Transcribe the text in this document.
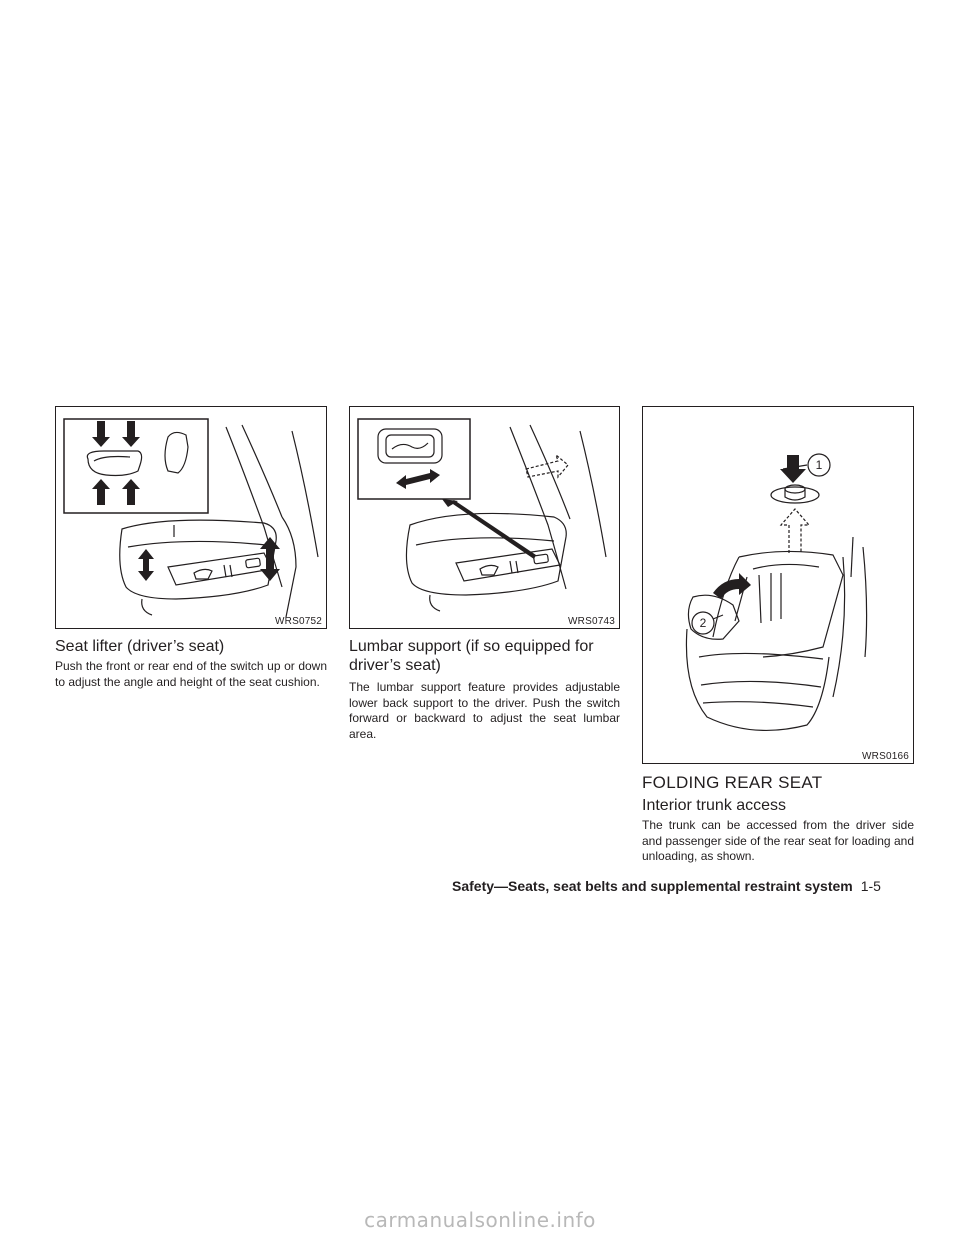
WRS0752	WRS0743
1
2
WRS0166
Seat lifter (driver’s seat)

Push the front or rear end of the switch up or down to adjust the angle and height of the seat cushion.

Lumbar support (if so equipped for
driver’s seat)

The lumbar support feature provides adjustable lower back support to the driver. Push the switch forward or backward to adjust the seat lumbar area.

FOLDING REAR SEAT
Interior trunk access

The trunk can be accessed from the driver side and passenger side of the rear seat for loading and unloading, as shown.

Safety—Seats, seat belts and supplemental restraint system 1-5
carmanualsonline.info
